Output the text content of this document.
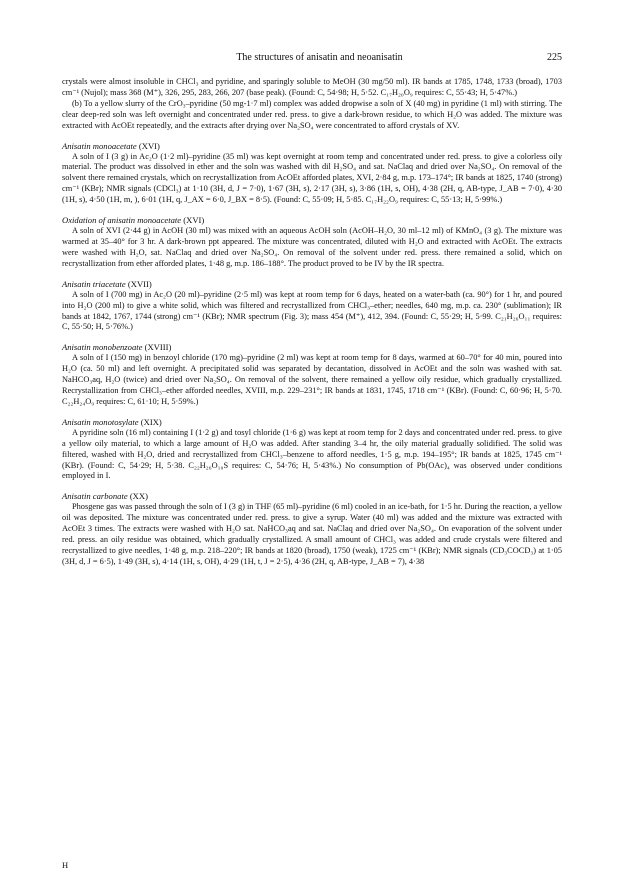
The structures of anisatin and neoanisatin	225

crystals were almost insoluble in CHCl₃ and pyridine, and sparingly soluble to MeOH (30 mg/50 ml). IR bands at 1785, 1748, 1733 (broad), 1703 cm⁻¹ (Nujol); mass 368 (M⁺), 326, 295, 283, 266, 207 (base peak). (Found: C, 54·98; H, 5·52. C₁₇H₂₀O₉ requires: C, 55·43; H, 5·47%.)

(b) To a yellow slurry of the CrO₃–pyridine (50 mg-1·7 ml) complex was added dropwise a soln of X (40 mg) in pyridine (1 ml) with stirring. The clear deep-red soln was left overnight and concentrated under red. press. to give a dark-brown residue, to which H₂O was added. The mixture was extracted with AcOEt repeatedly, and the extracts after drying over Na₂SO₄ were concentrated to afford crystals of XV.

Anisatin monoacetate (XVI)

A soln of I (3 g) in Ac₂O (1·2 ml)–pyridine (35 ml) was kept overnight at room temp and concentrated under red. press. to give a colorless oily material. The product was dissolved in ether and the soln was washed with dil H₂SO₄ and sat. NaClaq and dried over Na₂SO₄. On removal of the solvent there remained crystals, which on recrystallization from AcOEt afforded plates, XVI, 2·84 g, m.p. 173–174°; IR bands at 1825, 1740 (strong) cm⁻¹ (KBr); NMR signals (CDCl₃) at 1·10 (3H, d, J = 7·0), 1·67 (3H, s), 2·17 (3H, s), 3·86 (1H, s, OH), 4·38 (2H, q, AB-type, J_AB = 7·0), 4·30 (1H, s), 4·50 (1H, m, ), 6·01 (1H, q, J_AX = 6·0, J_BX = 8·5). (Found: C, 55·09; H, 5·85. C₁₇H₂₂O₉ requires: C, 55·13; H, 5·99%.)

Oxidation of anisatin monoacetate (XVI)

A soln of XVI (2·44 g) in AcOH (30 ml) was mixed with an aqueous AcOH soln (AcOH–H₂O, 30 ml–12 ml) of KMnO₄ (3 g). The mixture was warmed at 35–40° for 3 hr. A dark-brown ppt appeared. The mixture was concentrated, diluted with H₂O and extracted with AcOEt. The extracts were washed with H₂O, sat. NaClaq and dried over Na₂SO₄. On removal of the solvent under red. press. there remained a solid, which on recrystallization from ether afforded plates, 1·48 g, m.p. 186–188°. The product proved to be IV by the IR spectra.

Anisatin triacetate (XVII)

A soln of I (700 mg) in Ac₂O (20 ml)–pyridine (2·5 ml) was kept at room temp for 6 days, heated on a water-bath (ca. 90°) for 1 hr, and poured into H₂O (200 ml) to give a white solid, which was filtered and recrystallized from CHCl₃–ether; needles, 640 mg, m.p. ca. 230° (sublimation); IR bands at 1842, 1767, 1744 (strong) cm⁻¹ (KBr); NMR spectrum (Fig. 3); mass 454 (M⁺), 412, 394. (Found: C, 55·29; H, 5·99. C₂₁H₂₆O₁₁ requires: C, 55·50; H, 5·76%.)

Anisatin monobenzoate (XVIII)

A soln of I (150 mg) in benzoyl chloride (170 mg)–pyridine (2 ml) was kept at room temp for 8 days, warmed at 60–70° for 40 min, poured into H₂O (ca. 50 ml) and left overnight. A precipitated solid was separated by decantation, dissolved in AcOEt and the soln was washed with sat. NaHCO₃aq, H₂O (twice) and dried over Na₂SO₄. On removal of the solvent, there remained a yellow oily residue, which gradually crystallized. Recrystallization from CHCl₃–ether afforded needles, XVIII, m.p. 229–231°; IR bands at 1831, 1745, 1718 cm⁻¹ (KBr). (Found: C, 60·96; H, 5·70. C₂₂H₂₄O₉ requires: C, 61·10; H, 5·59%.)

Anisatin monotosylate (XIX)

A pyridine soln (16 ml) containing I (1·2 g) and tosyl chloride (1·6 g) was kept at room temp for 2 days and concentrated under red. press. to give a yellow oily material, to which a large amount of H₂O was added. After standing 3–4 hr, the oily material gradually solidified. The solid was filtered, washed with H₂O, dried and recrystallized from CHCl₃–benzene to afford needles, 1·5 g, m.p. 194–195°; IR bands at 1825, 1745 cm⁻¹ (KBr). (Found: C, 54·29; H, 5·38. C₂₂H₂₆O₁₀S requires: C, 54·76; H, 5·43%.) No consumption of Pb(OAc)₄ was observed under conditions employed in I.

Anisatin carbonate (XX)

Phosgene gas was passed through the soln of I (3 g) in THF (65 ml)–pyridine (6 ml) cooled in an ice-bath, for 1·5 hr. During the reaction, a yellow oil was deposited. The mixture was concentrated under red. press. to give a syrup. Water (40 ml) was added and the mixture was extracted with AcOEt 3 times. The extracts were washed with H₂O sat. NaHCO₃aq and sat. NaClaq and dried over Na₂SO₄. On evaporation of the solvent under red. press. an oily residue was obtained, which gradually crystallized. A small amount of CHCl₃ was added and crude crystals were filtered and recrystallized to give needles, 1·48 g, m.p. 218–220°; IR bands at 1820 (broad), 1750 (weak), 1725 cm⁻¹ (KBr); NMR signals (CD₃COCD₃) at 1·05 (3H, d, J = 6·5), 1·49 (3H, s), 4·14 (1H, s, OH), 4·29 (1H, t, J = 2·5), 4·36 (2H, q, AB-type, J_AB = 7), 4·38

H
